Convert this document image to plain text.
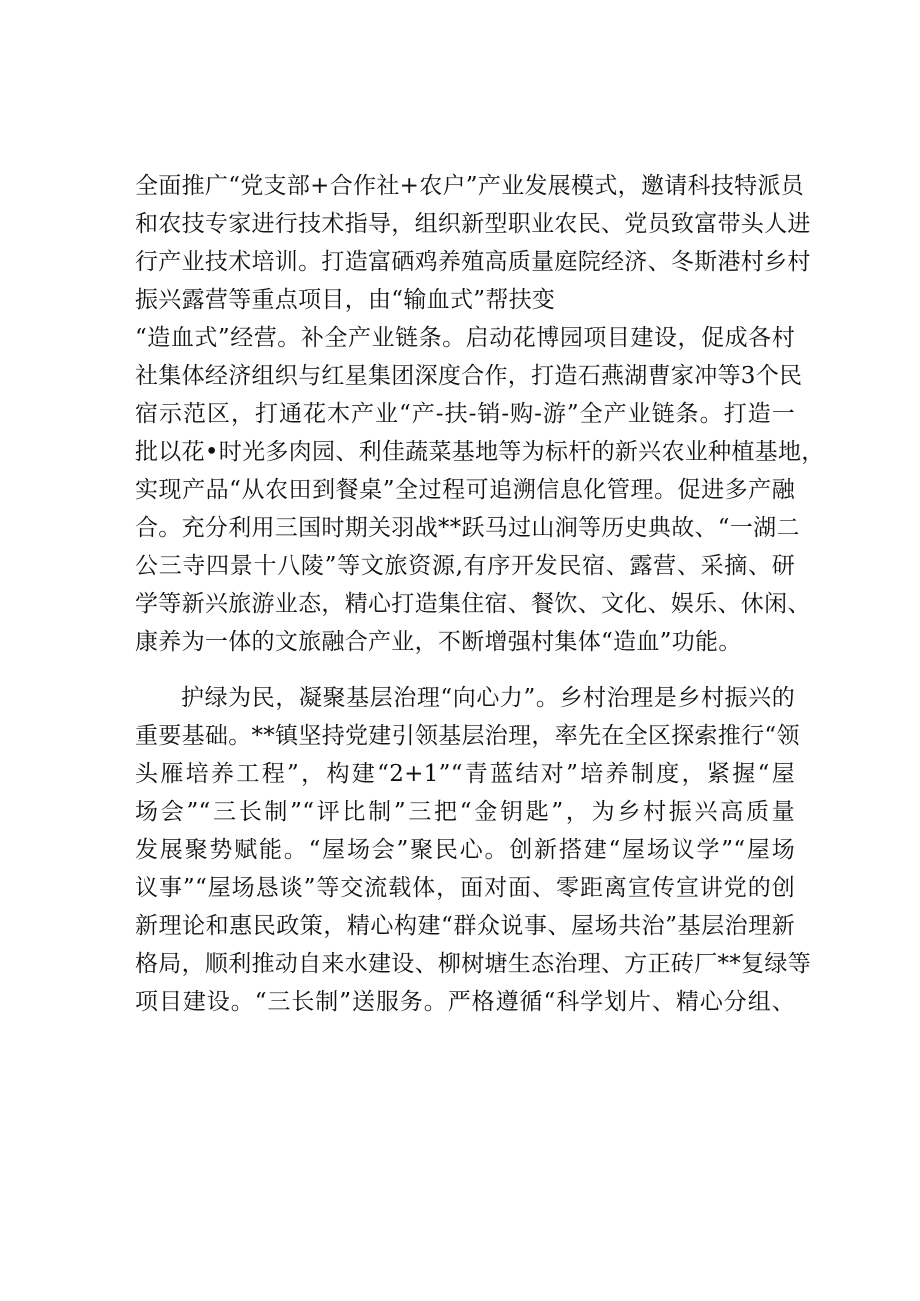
全面推广“党支部+合作社+农户”产业发展模式，邀请科技特派员
和农技专家进行技术指导，组织新型职业农民、党员致富带头人进
行产业技术培训。打造富硒鸡养殖高质量庭院经济、冬斯港村乡村
振兴露营等重点项目，由“输血式”帮扶变
“造血式”经营。补全产业链条。启动花博园项目建设，促成各村
社集体经济组织与红星集团深度合作，打造石燕湖曹家冲等3个民
宿示范区，打通花木产业“产-扶-销-购-游”全产业链条。打造一
批以花•时光多肉园、利佳蔬菜基地等为标杆的新兴农业种植基地，
实现产品“从农田到餐桌”全过程可追溯信息化管理。促进多产融
合。充分利用三国时期关羽战**跃马过山涧等历史典故、“一湖二
公三寺四景十八陵”等文旅资源,有序开发民宿、露营、采摘、研
学等新兴旅游业态，精心打造集住宿、餐饮、文化、娱乐、休闲、
康养为一体的文旅融合产业，不断增强村集体“造血”功能。
护绿为民，凝聚基层治理“向心力”。乡村治理是乡村振兴的
重要基础。**镇坚持党建引领基层治理，率先在全区探索推行“领
头雁培养工程”，构建“2+1”“青蓝结对”培养制度，紧握“屋
场会”“三长制”“评比制”三把“金钥匙”，为乡村振兴高质量
发展聚势赋能。“屋场会”聚民心。创新搭建“屋场议学”“屋场
议事”“屋场恳谈”等交流载体，面对面、零距离宣传宣讲党的创
新理论和惠民政策，精心构建“群众说事、屋场共治”基层治理新
格局，顺利推动自来水建设、柳树塘生态治理、方正砖厂**复绿等
项目建设。“三长制”送服务。严格遵循“科学划片、精心分组、
